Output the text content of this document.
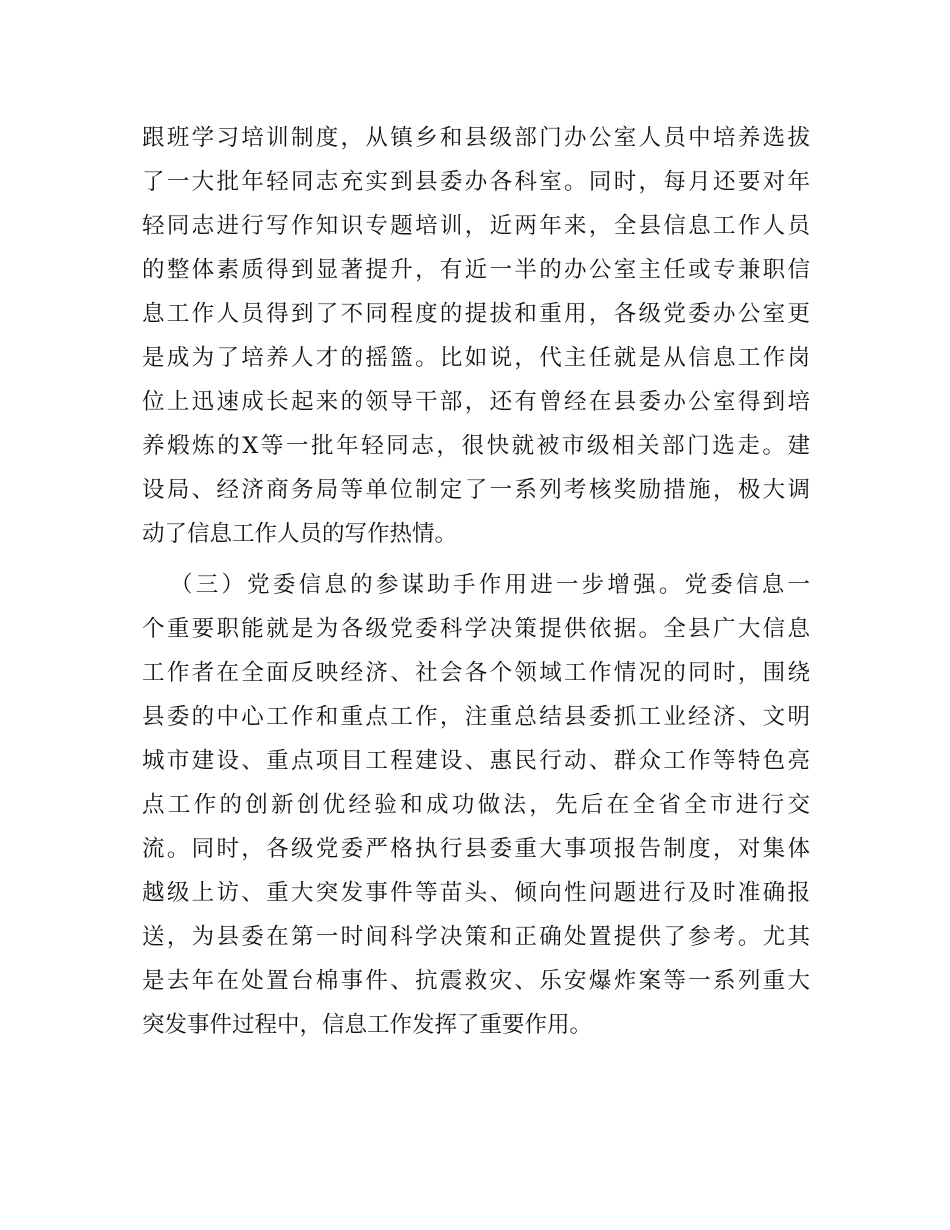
跟班学习培训制度，从镇乡和县级部门办公室人员中培养选拔

了一大批年轻同志充实到县委办各科室。同时，每月还要对年

轻同志进行写作知识专题培训，近两年来，全县信息工作人员

的整体素质得到显著提升，有近一半的办公室主任或专兼职信

息工作人员得到了不同程度的提拔和重用，各级党委办公室更

是成为了培养人才的摇篮。比如说，代主任就是从信息工作岗

位上迅速成长起来的领导干部，还有曾经在县委办公室得到培

养煅炼的X等一批年轻同志，很快就被市级相关部门选走。建

设局、经济商务局等单位制定了一系列考核奖励措施，极大调

动了信息工作人员的写作热情。

（三）党委信息的参谋助手作用进一步增强。党委信息一

个重要职能就是为各级党委科学决策提供依据。全县广大信息

工作者在全面反映经济、社会各个领域工作情况的同时，围绕

县委的中心工作和重点工作，注重总结县委抓工业经济、文明

城市建设、重点项目工程建设、惠民行动、群众工作等特色亮

点工作的创新创优经验和成功做法，先后在全省全市进行交

流。同时，各级党委严格执行县委重大事项报告制度，对集体

越级上访、重大突发事件等苗头、倾向性问题进行及时准确报

送，为县委在第一时间科学决策和正确处置提供了参考。尤其

是去年在处置台棉事件、抗震救灾、乐安爆炸案等一系列重大

突发事件过程中，信息工作发挥了重要作用。
